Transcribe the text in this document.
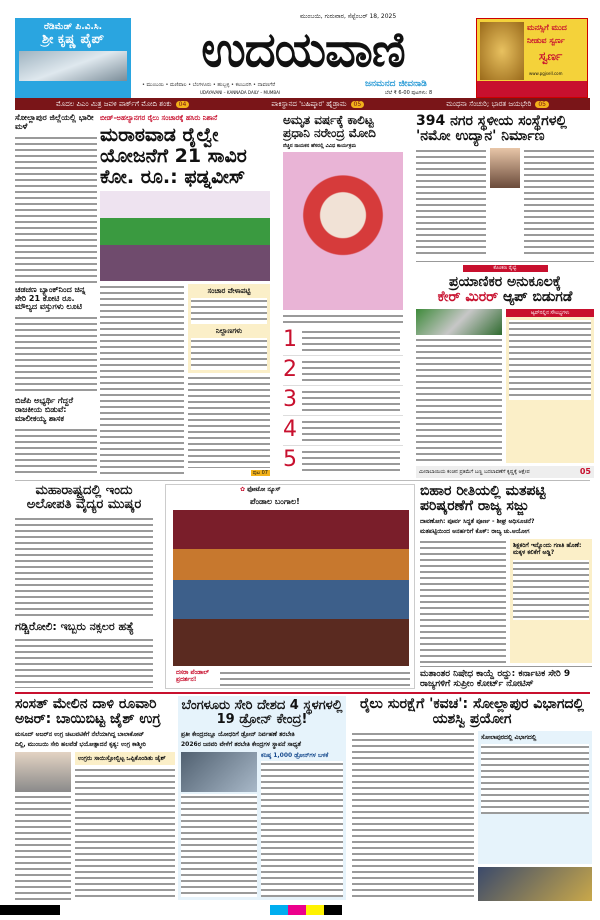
ರೆಡಿಮೆಡ್ ಪಿ.ವಿ.ಸಿ.
ಶ್ರೀ ಕೃಷ್ಣ ಪೈಪ್
ಮುಂಬಯಿ, ಗುರುವಾರ, ಸೆಪ್ಟೆಂಬರ್ 18, 2025
ಉದಯವಾಣಿ
ಜನಮನದ ಜೀವನಾಡಿ
• ಮುಂಬಯಿ • ಮಣಿಪಾಲ • ಬೆಂಗಳೂರು • ಹುಬ್ಬಳ್ಳಿ • ಕಲಬುರಗಿ • ದಾವಣಗೆರೆ
UDAYAVANI – KANNADA DAILY – MUMBAI	ಬೆಲೆ ₹ 6-00 ಪುಟಗಳು: 8
ಮನಸ್ಸಿಗೆ ಮುದ
ನೀಡುವ ಸ್ವರ್ಣ
ಸ್ವರ್ಣ
www.pgjsell.com
ಮೊದಲ ಪಿಎಂ ಮಿತ್ರ ಜವಳಿ ಪಾರ್ಕ್‌ಗೆ ಮೋದಿ ಶಂಕು 04	ಪಾಕಿಸ್ಥಾನದ 'ಬಹಿಷ್ಕಾರ' ಹೈಡ್ರಾಮ 05	ಮಂಧನಾ ಸೆಂಚುರಿ; ಭಾರತ ಜಯಭೇರಿ 05
ಸೋಲ್ಲಾಪುರ ಜಿಲ್ಲೆಯಲ್ಲಿ ಭಾರೀ ಮಳೆ
ಚಡಚಣ ಬ್ಯಾಂಕ್‌ನಿಂದ ಚಿನ್ನ ಸೇರಿ 21 ಕೋಟಿ ರೂ. ಮೌಲ್ಯದ ವಸ್ತುಗಳು ಲೂಟಿ
ಬಿಜೆಪಿ ಅಭ್ಯರ್ಥಿ ಗೆದ್ದರೆ ರಾಜಕೀಯ ಬಿಡುವೆ: ಮಾಲೀಕಯ್ಯ ಶಾಸಕ
ಬೀಡ್-ಅಹಲ್ಯಾನಗರ ರೈಲು ಸಂಚಾರಕ್ಕೆ ಹಸಿರು ನಿಶಾನೆ
ಮರಾಠವಾಡ ರೈಲ್ವೇ ಯೋಜನೆಗೆ 21 ಸಾವಿರ ಕೋ. ರೂ.: ಫಡ್ನವೀಸ್
ಸಂಚಾರ ವೇಳಾಪಟ್ಟಿ
ನಿಲ್ದಾಣಗಳು
ಪುಟ 07
ಅಮೃತ ವರ್ಷಕ್ಕೆ ಕಾಲಿಟ್ಟ ಪ್ರಧಾನಿ ನರೇಂದ್ರ ಮೋದಿ
ನೆಚ್ಚಿನ ನಾಯಕನ ಹೆಸರಲ್ಲಿ ವಿವಿಧ ಕಾರ್ಯಕ್ರಮ
1
2
3
4
5
394 ನಗರ ಸ್ಥಳೀಯ ಸಂಸ್ಥೆಗಳಲ್ಲಿ 'ನಮೋ ಉದ್ಯಾನ' ನಿರ್ಮಾಣ
ಕೊಂಕಣ ರೈಲ್ವೆ
ಪ್ರಯಾಣಿಕರ ಅನುಕೂಲಕ್ಕೆ
ಕೇರ್ ಮಿರರ್ ಆ್ಯಪ್ ಬಿಡುಗಡೆ
ಆ್ಯಪ್‌ನಲ್ಲಿನ ಸೌಲಭ್ಯಗಳು
ಮೀರಾಬಾಯಿಯ ಕಂಚಿನ ಪ್ರತಿಮೆಗೆ ಬಣ್ಣ ಬದಲಾವಣೆಗೆ ಕೃಷ್ಣಕ್ಕೆ ಆಕ್ಷೇಪ	05
ಮಹಾರಾಷ್ಟ್ರದಲ್ಲಿ ಇಂದು ಅಲೋಪತಿ ವೈದ್ಯರ ಮುಷ್ಕರ
ಗಡ್ಚಿರೋಲಿ: ಇಬ್ಬರು ನಕ್ಸಲರ ಹತ್ಯೆ
✿ ಫೋಟೋ ನ್ಯೂಸ್
ಪೆಂಡಾಲ ಬಂಗಾಲ!
ದಸರಾ ಪೆಂಡಾಲ್ ಪ್ರದರ್ಶನ!
ಬಿಹಾರ ರೀತಿಯಲ್ಲಿ ಮತಪಟ್ಟಿ ಪರಿಷ್ಕರಣೆಗೆ ರಾಜ್ಯ ಸಜ್ಜು
ದಾವಣೋಗಿ: ಪೂರ್ವ ಸಿದ್ಧತೆ ಪೂರ್ಣ - ಶೀಘ್ರ ಅಧಿಸೂಚನೆ?
ಮತಪಟ್ಟಿಯಿಂದ ಅನರ್ಹರಿಗೆ ಕೊಕ್: ರಾಜ್ಯ ಚು.ಆಯೋಗ
ಶಿಕ್ಷಕರಿಗೆ ಇನ್ನೊಂದು ಗಣತಿ ಹೊಣೆ: ಮಕ್ಕಳ ಕಲಿಕೆಗೆ ಅಡ್ಡಿ?
ಮತಾಂತರ ನಿಷೇಧ ಕಾಯ್ದೆ ರದ್ದು: ಕರ್ನಾಟಕ ಸೇರಿ 9 ರಾಜ್ಯಗಳಿಗೆ ಸುಪ್ರೀಂ ಕೋರ್ಟ್ ನೋಟಿಸ್
ಸಂಸತ್ ಮೇಲಿನ ದಾಳಿ ರೂವಾರಿ ಅಜರ್: ಬಾಯಿಬಿಟ್ಟ ಜೈಶ್ ಉಗ್ರ
ಮಸೂದ್ ಅಜರ್‌ನ ಉಗ್ರ ಚಟುವಟಿಕೆಗೆ ನೆಲೆಯಾಗಿದ್ದ ಬಾಲಾಕೋಟ್
ದಿಲ್ಲಿ, ಮುಂಬಯಿ ಸೇರಿ ಹಲವೆಡೆ ಭಯೋತ್ಪಾದನೆ ಕೃತ್ಯ: ಉಗ್ರ ಕಾಶ್ಮೀರಿ
ಉಗ್ರರು ಸಾಯಿಸ್ತೋಲ್ಬಿಟ್ಟ ಒಪ್ಪಿಕೊಂಡಿತು ಜೈಶ್
ಬೆಂಗಳೂರು ಸೇರಿ ದೇಶದ 4 ಸ್ಥಳಗಳಲ್ಲಿ 19 ಡ್ರೋನ್ ಕೇಂದ್ರ!
ಪ್ರತೀ ಕೇಂದ್ರದಲ್ಲೂ ಯೋಧರಿಗೆ ಡ್ರೋನ್ ನಿರ್ವಹಣೆ ತರಬೇತಿ
2026ರ ಜನವರಿ ವೇಳೆಗೆ ತರಬೇತಿ ಕೇಂದ್ರಗಳ ಸ್ಥಾಪನೆ ಸಾಧ್ಯತೆ
ಕನಿಷ್ಠ 1,000 ಡ್ರೋನ್‌ಗಳ ಬಳಕೆ
ರೈಲು ಸುರಕ್ಷೆಗೆ 'ಕವಚ': ಸೋಲ್ಲಾಪುರ ವಿಭಾಗದಲ್ಲಿ ಯಶಸ್ವಿ ಪ್ರಯೋಗ
ಸೋಲಾಪುರದಲ್ಲಿ ವಿಭಾಗದಲ್ಲಿ
